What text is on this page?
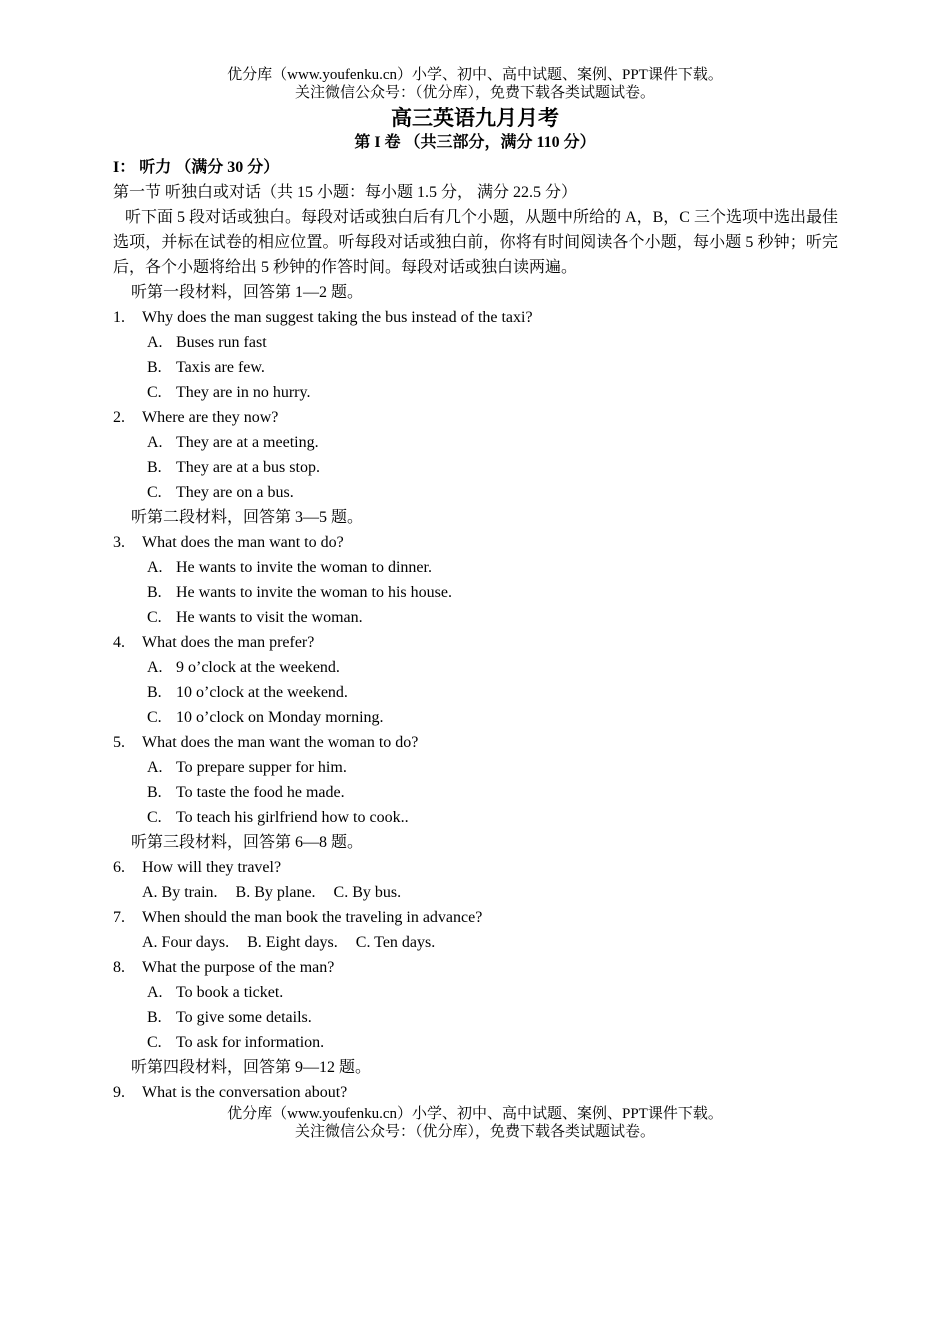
优分库（www.youfenku.cn）小学、初中、高中试题、案例、PPT课件下载。
关注微信公众号：（优分库），免费下载各类试题试卷。
高三英语九月月考
第 I 卷 （共三部分，满分 110 分）
I： 听力 （满分 30 分）
第一节 听独白或对话（共 15 小题：每小题 1.5 分， 满分 22.5 分）
听下面 5 段对话或独白。每段对话或独白后有几个小题，从题中所给的 A，B，C 三个选项中选出最佳选项，并标在试卷的相应位置。听每段对话或独白前，你将有时间阅读各个小题，每小题 5 秒钟；听完后，各个小题将给出 5 秒钟的作答时间。每段对话或独白读两遍。
听第一段材料，回答第 1—2 题。
1.	Why does the man suggest taking the bus instead of the taxi?
A. Buses run fast
B. Taxis are few.
C. They are in no hurry.
2.	Where are they now?
A. They are at a meeting.
B. They are at a bus stop.
C. They are on a bus.
听第二段材料，回答第 3—5 题。
3.	What does the man want to do?
A. He wants to invite the woman to dinner.
B. He wants to invite the woman to his house.
C. He wants to visit the woman.
4.	What does the man prefer?
A. 9 o’clock at the weekend.
B. 10 o’clock at the weekend.
C. 10 o’clock on Monday morning.
5.	What does the man want the woman to do?
A. To prepare supper for him.
B. To taste the food he made.
C. To teach his girlfriend how to cook..
听第三段材料，回答第 6—8 题。
6.	How will they travel?
A. By train. B. By plane. C. By bus.
7.	When should the man book the traveling in advance?
A. Four days. B. Eight days. C. Ten days.
8.	What the purpose of the man?
A. To book a ticket.
B. To give some details.
C. To ask for information.
听第四段材料，回答第 9—12 题。
9.	What is the conversation about?
优分库（www.youfenku.cn）小学、初中、高中试题、案例、PPT课件下载。
关注微信公众号：（优分库），免费下载各类试题试卷。
